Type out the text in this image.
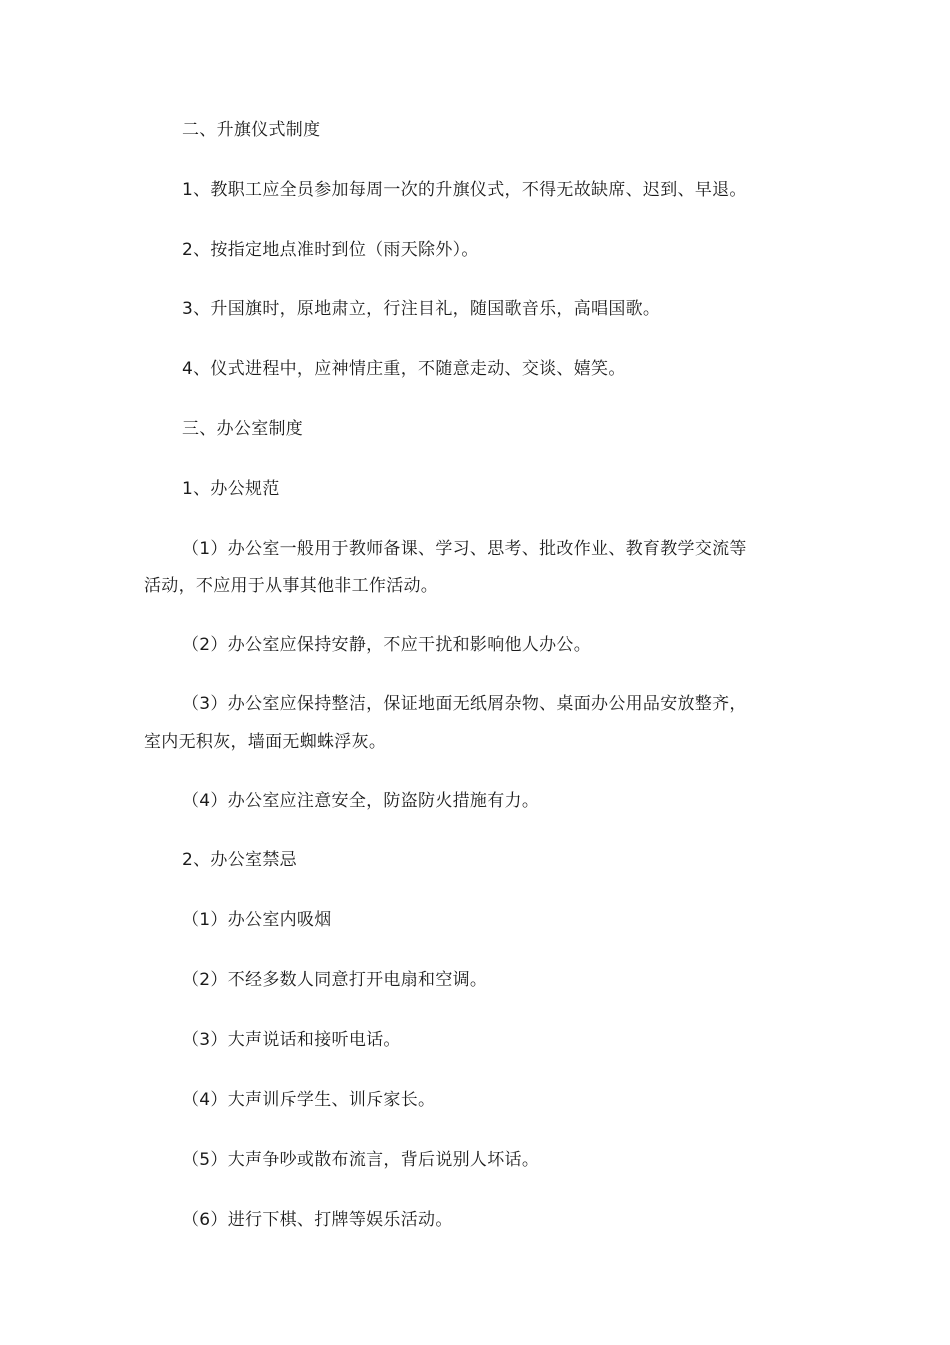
二、升旗仪式制度
1、教职工应全员参加每周一次的升旗仪式，不得无故缺席、迟到、早退。
2、按指定地点准时到位（雨天除外）。
3、升国旗时，原地肃立，行注目礼，随国歌音乐，高唱国歌。
4、仪式进程中，应神情庄重，不随意走动、交谈、嬉笑。
三、办公室制度
1、办公规范
（1）办公室一般用于教师备课、学习、思考、批改作业、教育教学交流等
活动，不应用于从事其他非工作活动。
（2）办公室应保持安静，不应干扰和影响他人办公。
（3）办公室应保持整洁，保证地面无纸屑杂物、桌面办公用品安放整齐，
室内无积灰，墙面无蜘蛛浮灰。
（4）办公室应注意安全，防盗防火措施有力。
2、办公室禁忌
（1）办公室内吸烟
（2）不经多数人同意打开电扇和空调。
（3）大声说话和接听电话。
（4）大声训斥学生、训斥家长。
（5）大声争吵或散布流言，背后说别人坏话。
（6）进行下棋、打牌等娱乐活动。
